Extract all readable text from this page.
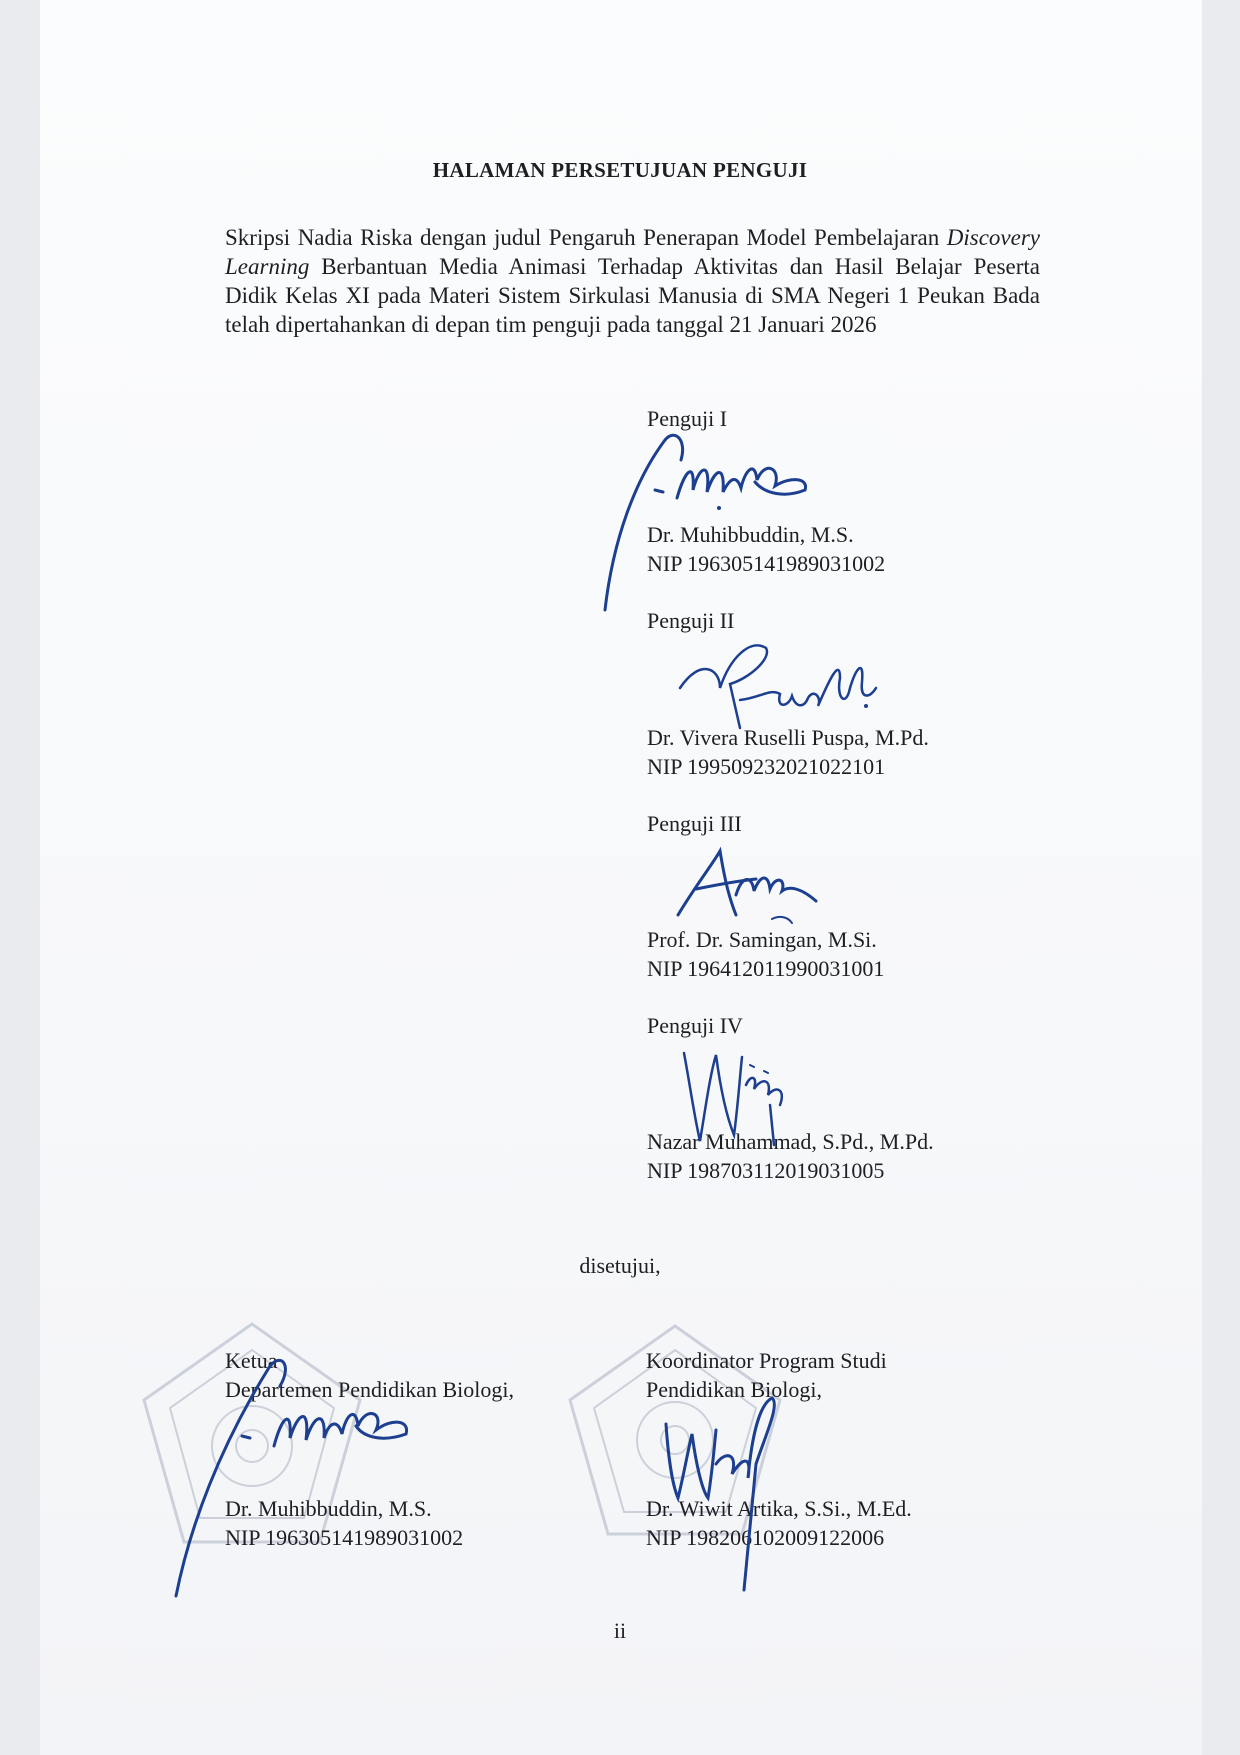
HALAMAN PERSETUJUAN PENGUJI

Skripsi Nadia Riska dengan judul Pengaruh Penerapan Model Pembelajaran Discovery Learning Berbantuan Media Animasi Terhadap Aktivitas dan Hasil Belajar Peserta Didik Kelas XI pada Materi Sistem Sirkulasi Manusia di SMA Negeri 1 Peukan Bada telah dipertahankan di depan tim penguji pada tanggal 21 Januari 2026

Penguji I
Dr. Muhibbuddin, M.S.
NIP 196305141989031002
Penguji II
Dr. Vivera Ruselli Puspa, M.Pd.
NIP 199509232021022101
Penguji III
Prof. Dr. Samingan, M.Si.
NIP 196412011990031001
Penguji IV
Nazar Muhammad, S.Pd., M.Pd.
NIP 198703112019031005
disetujui,
Ketua
Departemen Pendidikan Biologi,
Dr. Muhibbuddin, M.S.
NIP 196305141989031002
Koordinator Program Studi
Pendidikan Biologi,
Dr. Wiwit Artika, S.Si., M.Ed.
NIP 198206102009122006
ii
